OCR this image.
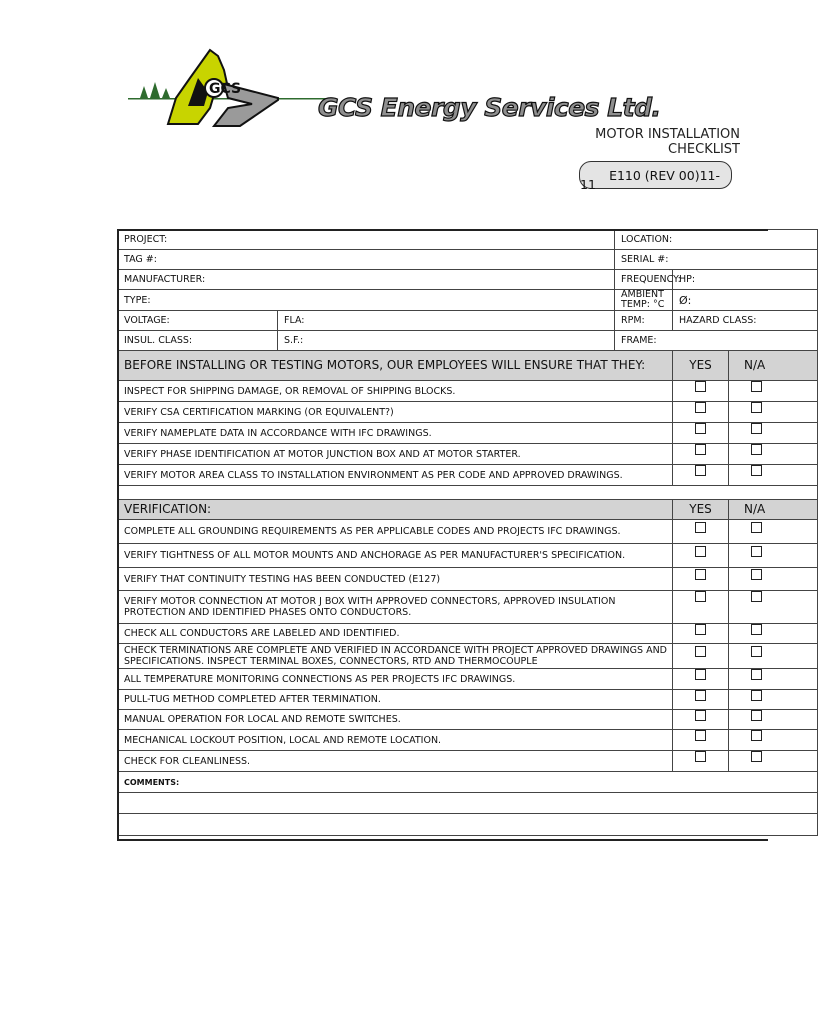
GCS
GCS Energy Services Ltd.
MOTOR INSTALLATION
CHECKLIST
E110 (REV 00)11-
11
PROJECT:		LOCATION:		
TAG #:		SERIAL #:		
MANUFACTURER:		FREQUENCY:	HP:	
TYPE:		AMBIENT TEMP: °C	Ø:	
VOLTAGE:	FLA:	RPM:	HAZARD CLASS:	
INSUL. CLASS:	S.F.:	FRAME:		
BEFORE INSTALLING OR TESTING MOTORS, OUR EMPLOYEES WILL ENSURE THAT THEY:			YES	N/A
INSPECT FOR SHIPPING DAMAGE, OR REMOVAL OF SHIPPING BLOCKS.				
VERIFY CSA CERTIFICATION MARKING (OR EQUIVALENT?)				
VERIFY NAMEPLATE DATA IN ACCORDANCE WITH IFC DRAWINGS.				
VERIFY PHASE IDENTIFICATION AT MOTOR JUNCTION BOX AND AT MOTOR STARTER.				
VERIFY MOTOR AREA CLASS TO INSTALLATION ENVIRONMENT AS PER CODE AND APPROVED DRAWINGS.				

VERIFICATION:			YES	N/A
COMPLETE ALL GROUNDING REQUIREMENTS AS PER APPLICABLE CODES AND PROJECTS IFC DRAWINGS.				
VERIFY TIGHTNESS OF ALL MOTOR MOUNTS AND ANCHORAGE AS PER MANUFACTURER'S SPECIFICATION.				
VERIFY THAT CONTINUITY TESTING HAS BEEN CONDUCTED (E127)				
VERIFY MOTOR CONNECTION AT MOTOR J BOX WITH APPROVED CONNECTORS, APPROVED INSULATION PROTECTION AND IDENTIFIED PHASES ONTO CONDUCTORS.				
CHECK ALL CONDUCTORS ARE LABELED AND IDENTIFIED.				
CHECK TERMINATIONS ARE COMPLETE AND VERIFIED IN ACCORDANCE WITH PROJECT APPROVED DRAWINGS AND SPECIFICATIONS. INSPECT TERMINAL BOXES, CONNECTORS, RTD AND THERMOCOUPLE				
ALL TEMPERATURE MONITORING CONNECTIONS AS PER PROJECTS IFC DRAWINGS.				
PULL-TUG METHOD COMPLETED AFTER TERMINATION.				
MANUAL OPERATION FOR LOCAL AND REMOTE SWITCHES.				
MECHANICAL LOCKOUT POSITION, LOCAL AND REMOTE LOCATION.				
CHECK FOR CLEANLINESS.				
COMMENTS:				
